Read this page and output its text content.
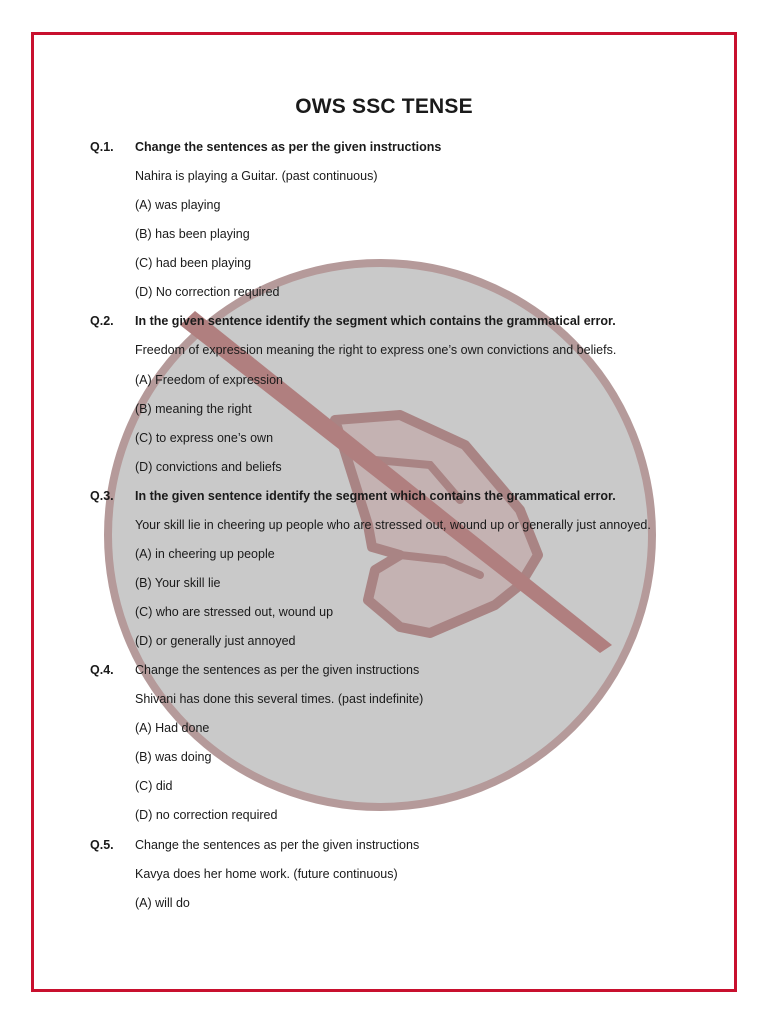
OWS SSC TENSE
Q.1. Change the sentences as per the given instructions
Nahira is playing a Guitar. (past continuous)
(A) was playing
(B) has been playing
(C) had been playing
(D) No correction required
Q.2. In the given sentence identify the segment which contains the grammatical error.
Freedom of expression meaning the right to express one’s own convictions and beliefs.
(A) Freedom of expression
(B) meaning the right
(C) to express one’s own
(D) convictions and beliefs
Q.3. In the given sentence identify the segment which contains the grammatical error.
Your skill lie in cheering up people who are stressed out, wound up or generally just annoyed.
(A) in cheering up people
(B) Your skill lie
(C) who are stressed out, wound up
(D) or generally just annoyed
Q.4. Change the sentences as per the given instructions
Shivani has done this several times. (past indefinite)
(A) Had done
(B) was doing
(C) did
(D) no correction required
Q.5. Change the sentences as per the given instructions
Kavya does her home work. (future continuous)
(A) will do
